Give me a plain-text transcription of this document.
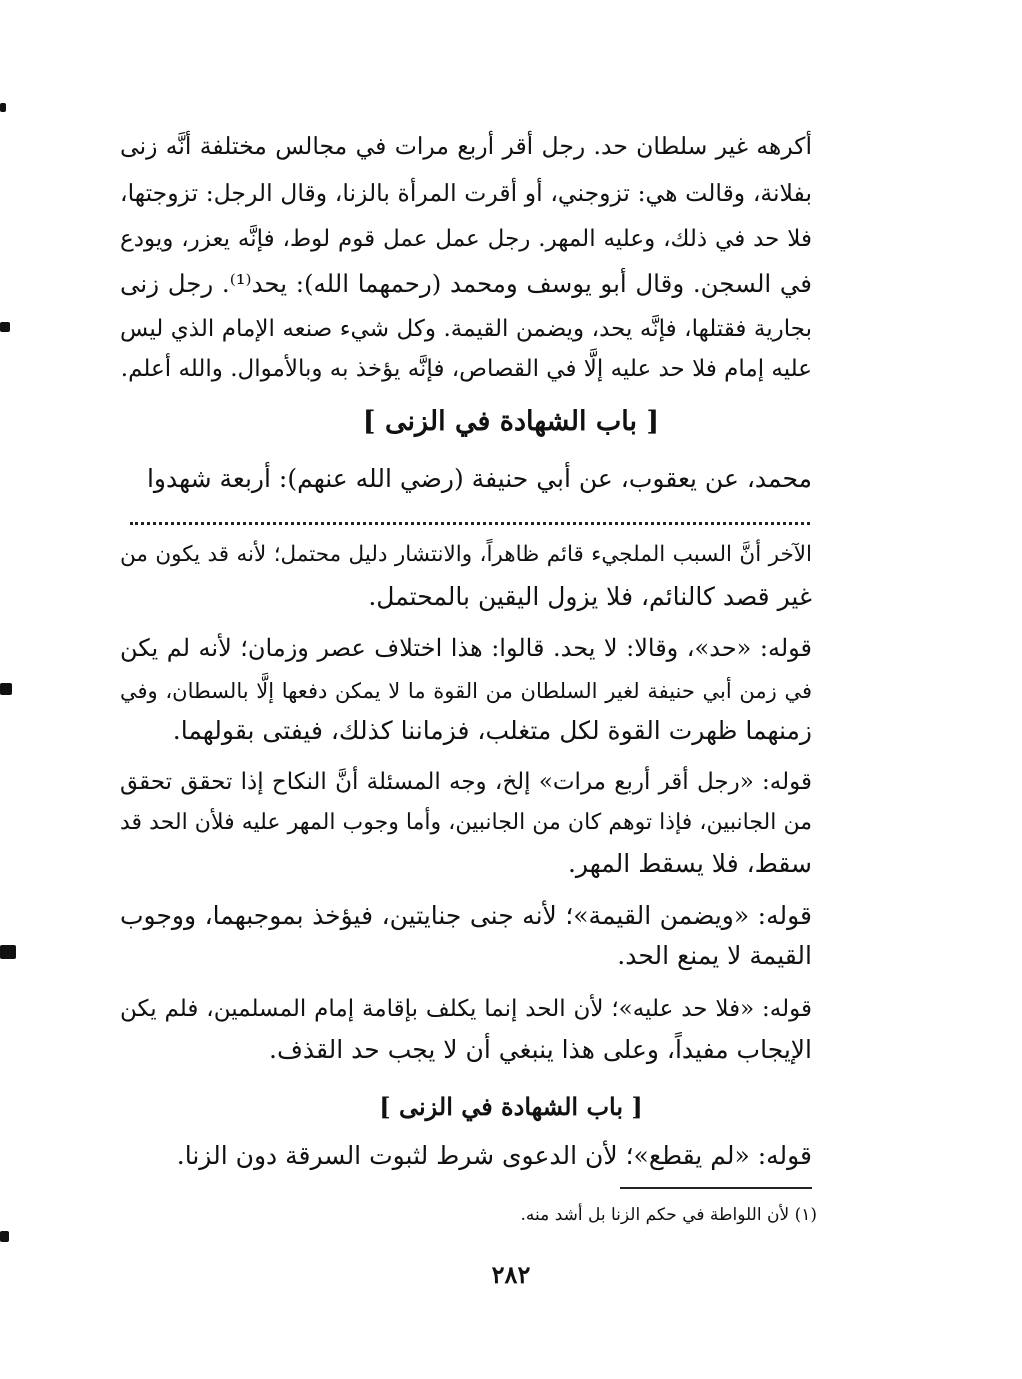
أكرهه غير سلطان حد. رجل أقر أربع مرات في مجالس مختلفة أنَّه زنى
بفلانة، وقالت هي: تزوجني، أو أقرت المرأة بالزنا، وقال الرجل: تزوجتها،
فلا حد في ذلك، وعليه المهر. رجل عمل عمل قوم لوط، فإنَّه يعزر، ويودع
في السجن. وقال أبو يوسف ومحمد (رحمهما الله): يحد⁽¹⁾. رجل زنى
بجارية فقتلها، فإنَّه يحد، ويضمن القيمة. وكل شيء صنعه الإمام الذي ليس
عليه إمام فلا حد عليه إلَّا في القصاص، فإنَّه يؤخذ به وبالأموال. والله أعلم.
[ باب الشهادة في الزنى ]
محمد، عن يعقوب، عن أبي حنيفة (رضي الله عنهم): أربعة شهدوا
الآخر أنَّ السبب الملجيء قائم ظاهراً، والانتشار دليل محتمل؛ لأنه قد يكون من
غير قصد كالنائم، فلا يزول اليقين بالمحتمل.
قوله: «حد»، وقالا: لا يحد. قالوا: هذا اختلاف عصر وزمان؛ لأنه لم يكن
في زمن أبي حنيفة لغير السلطان من القوة ما لا يمكن دفعها إلَّا بالسطان، وفي
زمنهما ظهرت القوة لكل متغلب، فزماننا كذلك، فيفتى بقولهما.
قوله: «رجل أقر أربع مرات» إلخ، وجه المسئلة أنَّ النكاح إذا تحقق تحقق
من الجانبين، فإذا توهم كان من الجانبين، وأما وجوب المهر عليه فلأن الحد قد
سقط، فلا يسقط المهر.
قوله: «ويضمن القيمة»؛ لأنه جنى جنايتين، فيؤخذ بموجبهما، ووجوب
القيمة لا يمنع الحد.
قوله: «فلا حد عليه»؛ لأن الحد إنما يكلف بإقامة إمام المسلمين، فلم يكن
الإيجاب مفيداً، وعلى هذا ينبغي أن لا يجب حد القذف.
[ باب الشهادة في الزنى ]
قوله: «لم يقطع»؛ لأن الدعوى شرط لثبوت السرقة دون الزنا.
(١) لأن اللواطة في حكم الزنا بل أشد منه.
٢٨٢
